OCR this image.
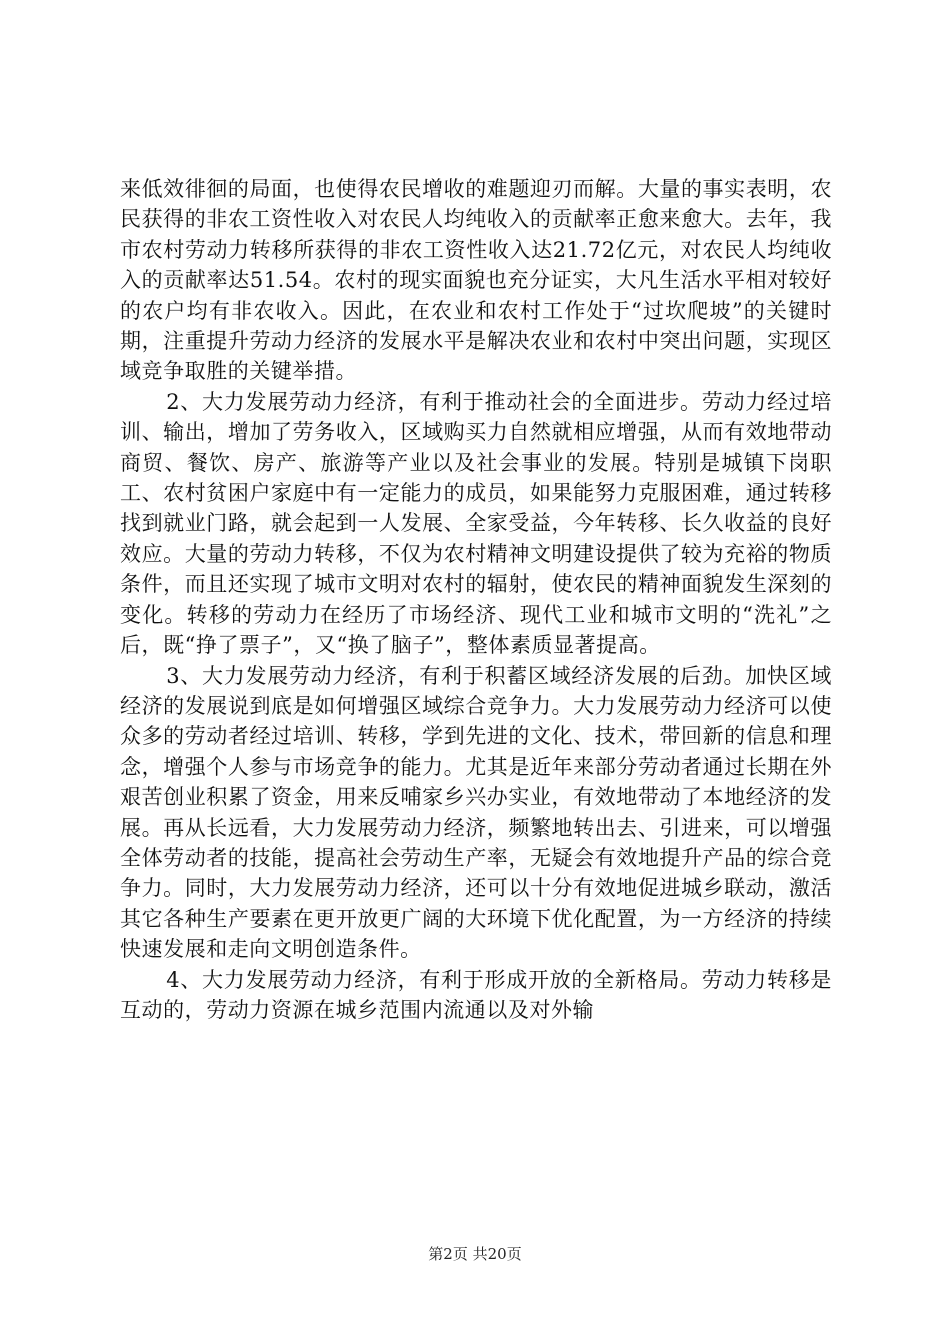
来低效徘徊的局面，也使得农民增收的难题迎刃而解。大量的事实表明，农民获得的非农工资性收入对农民人均纯收入的贡献率正愈来愈大。去年，我市农村劳动力转移所获得的非农工资性收入达21.72亿元，对农民人均纯收入的贡献率达51.54。农村的现实面貌也充分证实，大凡生活水平相对较好的农户均有非农收入。因此，在农业和农村工作处于“过坎爬坡”的关键时期，注重提升劳动力经济的发展水平是解决农业和农村中突出问题，实现区域竞争取胜的关键举措。

2、大力发展劳动力经济，有利于推动社会的全面进步。劳动力经过培训、输出，增加了劳务收入，区域购买力自然就相应增强，从而有效地带动商贸、餐饮、房产、旅游等产业以及社会事业的发展。特别是城镇下岗职工、农村贫困户家庭中有一定能力的成员，如果能努力克服困难，通过转移找到就业门路，就会起到一人发展、全家受益，今年转移、长久收益的良好效应。大量的劳动力转移，不仅为农村精神文明建设提供了较为充裕的物质条件，而且还实现了城市文明对农村的辐射，使农民的精神面貌发生深刻的变化。转移的劳动力在经历了市场经济、现代工业和城市文明的“洗礼”之后，既“挣了票子”，又“换了脑子”，整体素质显著提高。

3、大力发展劳动力经济，有利于积蓄区域经济发展的后劲。加快区域经济的发展说到底是如何增强区域综合竞争力。大力发展劳动力经济可以使众多的劳动者经过培训、转移，学到先进的文化、技术，带回新的信息和理念，增强个人参与市场竞争的能力。尤其是近年来部分劳动者通过长期在外艰苦创业积累了资金，用来反哺家乡兴办实业，有效地带动了本地经济的发展。再从长远看，大力发展劳动力经济，频繁地转出去、引进来，可以增强全体劳动者的技能，提高社会劳动生产率，无疑会有效地提升产品的综合竞争力。同时，大力发展劳动力经济，还可以十分有效地促进城乡联动，激活其它各种生产要素在更开放更广阔的大环境下优化配置，为一方经济的持续快速发展和走向文明创造条件。

4、大力发展劳动力经济，有利于形成开放的全新格局。劳动力转移是互动的，劳动力资源在城乡范围内流通以及对外输

第2页 共20页
